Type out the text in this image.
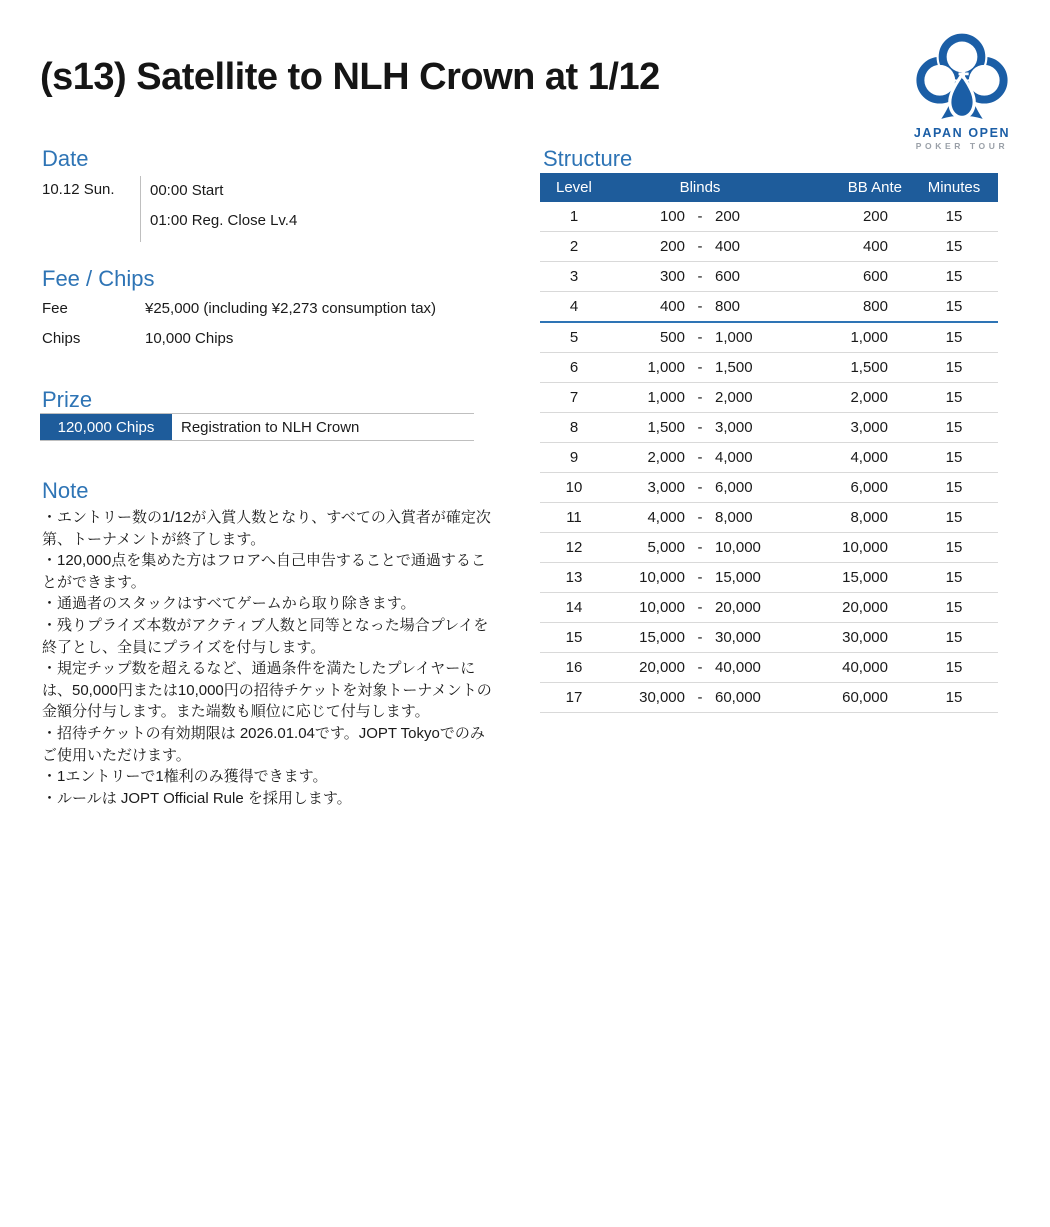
(s13) Satellite to NLH Crown at 1/12
JAPAN OPEN
POKER TOUR
Date
10.12 Sun.	00:00 Start
01:00 Reg. Close Lv.4
Fee / Chips
Fee	¥25,000 (including ¥2,273 consumption tax)
Chips	10,000 Chips
Prize
120,000 Chips	Registration to NLH Crown
Note
・エントリー数の1/12が入賞人数となり、すべての入賞者が確定次第、トーナメントが終了します。
・120,000点を集めた方はフロアへ自己申告することで通過することができます。
・通過者のスタックはすべてゲームから取り除きます。
・残りプライズ本数がアクティブ人数と同等となった場合プレイを終了とし、全員にプライズを付与します。
・規定チップ数を超えるなど、通過条件を満たしたプレイヤーには、50,000円または10,000円の招待チケットを対象トーナメントの金額分付与します。また端数も順位に応じて付与します。
・招待チケットの有効期限は 2026.01.04です。JOPT Tokyoでのみご使用いただけます。
・1エントリーで1権利のみ獲得できます。
・ルールは JOPT Official Rule を採用します。
Structure
Level	Blinds	BB Ante	Minutes
1	100 - 200	200	15
2	200 - 400	400	15
3	300 - 600	600	15
4	400 - 800	800	15
5	500 - 1,000	1,000	15
6	1,000 - 1,500	1,500	15
7	1,000 - 2,000	2,000	15
8	1,500 - 3,000	3,000	15
9	2,000 - 4,000	4,000	15
10	3,000 - 6,000	6,000	15
11	4,000 - 8,000	8,000	15
12	5,000 - 10,000	10,000	15
13	10,000 - 15,000	15,000	15
14	10,000 - 20,000	20,000	15
15	15,000 - 30,000	30,000	15
16	20,000 - 40,000	40,000	15
17	30,000 - 60,000	60,000	15
